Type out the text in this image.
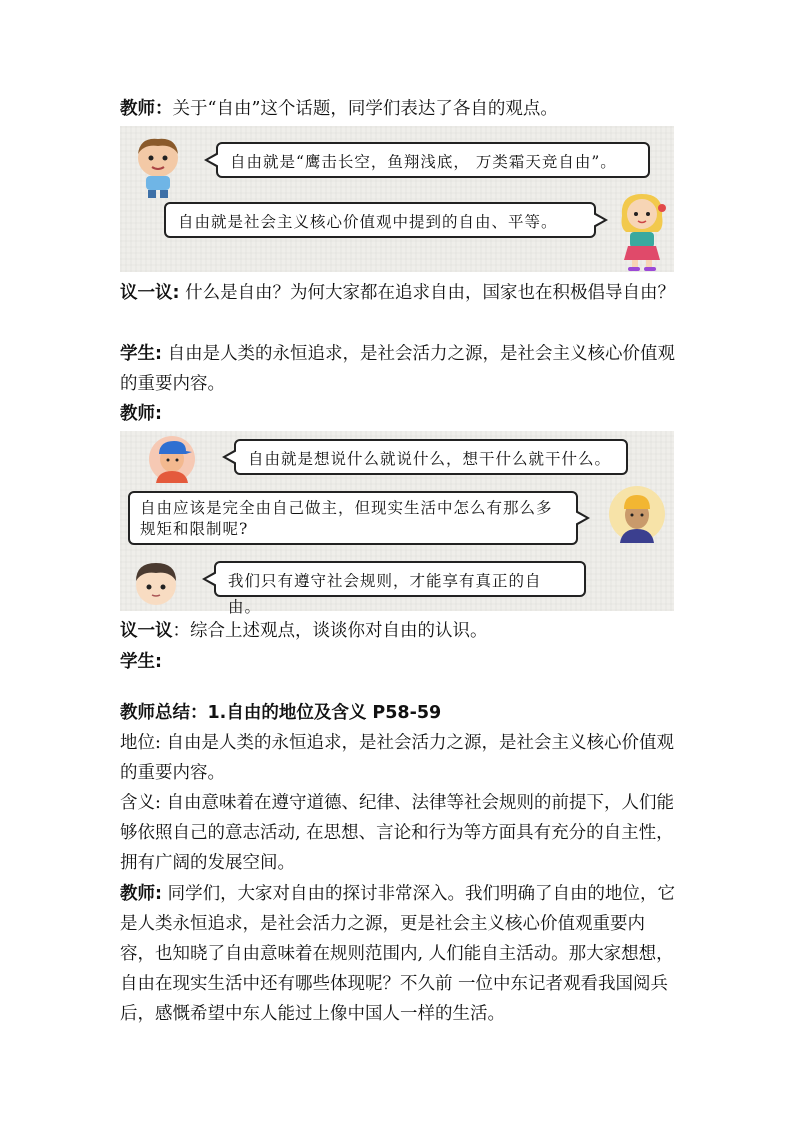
教师：关于“自由”这个话题，同学们表达了各自的观点。

自由就是“鹰击长空，鱼翔浅底， 万类霜天竞自由”。
自由就是社会主义核心价值观中提到的自由、平等。

议一议: 什么是自由？为何大家都在追求自由，国家也在积极倡导自由？

学生: 自由是人类的永恒追求，是社会活力之源，是社会主义核心价值观的重要内容。

教师:

自由就是想说什么就说什么，想干什么就干什么。
自由应该是完全由自己做主，但现实生活中怎么有那么多规矩和限制呢?
我们只有遵守社会规则，才能享有真正的自由。

议一议：综合上述观点，谈谈你对自由的认识。

学生:

教师总结：1.自由的地位及含义 P58-59

地位: 自由是人类的永恒追求，是社会活力之源，是社会主义核心价值观的重要内容。

含义: 自由意味着在遵守道德、纪律、法律等社会规则的前提下，人们能够依照自己的意志活动, 在思想、言论和行为等方面具有充分的自主性，拥有广阔的发展空间。

教师: 同学们，大家对自由的探讨非常深入。我们明确了自由的地位，它是人类永恒追求，是社会活力之源，更是社会主义核心价值观重要内容，也知晓了自由意味着在规则范围内, 人们能自主活动。那大家想想，自由在现实生活中还有哪些体现呢？不久前 一位中东记者观看我国阅兵后，感慨希望中东人能过上像中国人一样的生活。
